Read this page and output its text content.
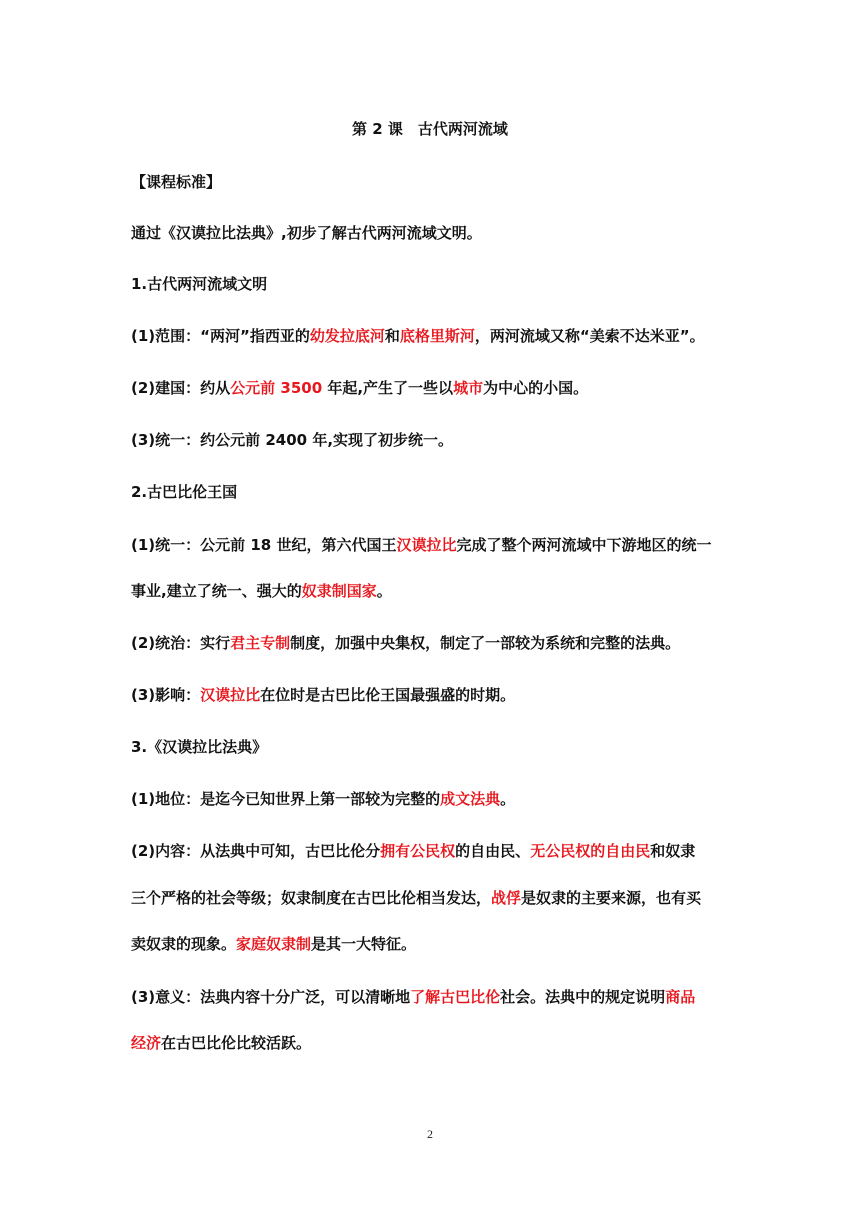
第 2 课　古代两河流域
【课程标准】
通过《汉谟拉比法典》,初步了解古代两河流域文明。
1.古代两河流域文明
(1)范围：“两河”指西亚的幼发拉底河和底格里斯河，两河流域又称“美索不达米亚”。
(2)建国：约从公元前 3500 年起,产生了一些以城市为中心的小国。
(3)统一：约公元前 2400 年,实现了初步统一。
2.古巴比伦王国
(1)统一：公元前 18 世纪，第六代国王汉谟拉比完成了整个两河流域中下游地区的统一
事业,建立了统一、强大的奴隶制国家。
(2)统治：实行君主专制制度，加强中央集权，制定了一部较为系统和完整的法典。
(3)影响：汉谟拉比在位时是古巴比伦王国最强盛的时期。
3.《汉谟拉比法典》
(1)地位：是迄今已知世界上第一部较为完整的成文法典。
(2)内容：从法典中可知，古巴比伦分拥有公民权的自由民、无公民权的自由民和奴隶
三个严格的社会等级；奴隶制度在古巴比伦相当发达，战俘是奴隶的主要来源，也有买
卖奴隶的现象。家庭奴隶制是其一大特征。
(3)意义：法典内容十分广泛，可以清晰地了解古巴比伦社会。法典中的规定说明商品
经济在古巴比伦比较活跃。
2
